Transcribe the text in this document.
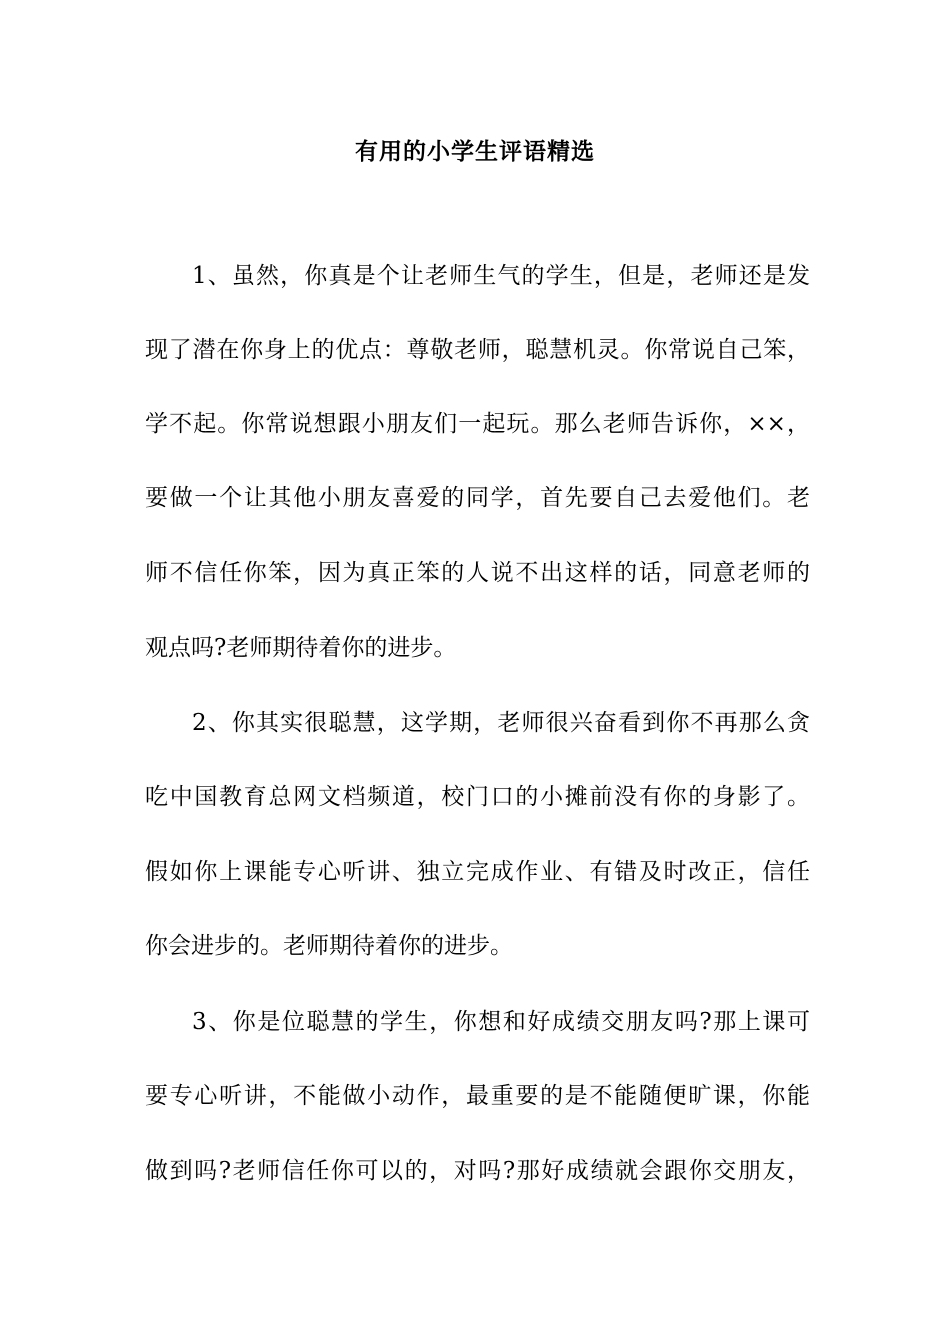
有用的小学生评语精选
1、虽然，你真是个让老师生气的学生，但是，老师还是发
现了潜在你身上的优点：尊敬老师，聪慧机灵。你常说自己笨，
学不起。你常说想跟小朋友们一起玩。那么老师告诉你，××，
要做一个让其他小朋友喜爱的同学，首先要自己去爱他们。老
师不信任你笨，因为真正笨的人说不出这样的话，同意老师的
观点吗?老师期待着你的进步。
2、你其实很聪慧，这学期，老师很兴奋看到你不再那么贪
吃中国教育总网文档频道，校门口的小摊前没有你的身影了。
假如你上课能专心听讲、独立完成作业、有错及时改正，信任
你会进步的。老师期待着你的进步。
3、你是位聪慧的学生，你想和好成绩交朋友吗?那上课可
要专心听讲，不能做小动作，最重要的是不能随便旷课，你能
做到吗?老师信任你可以的，对吗?那好成绩就会跟你交朋友，
